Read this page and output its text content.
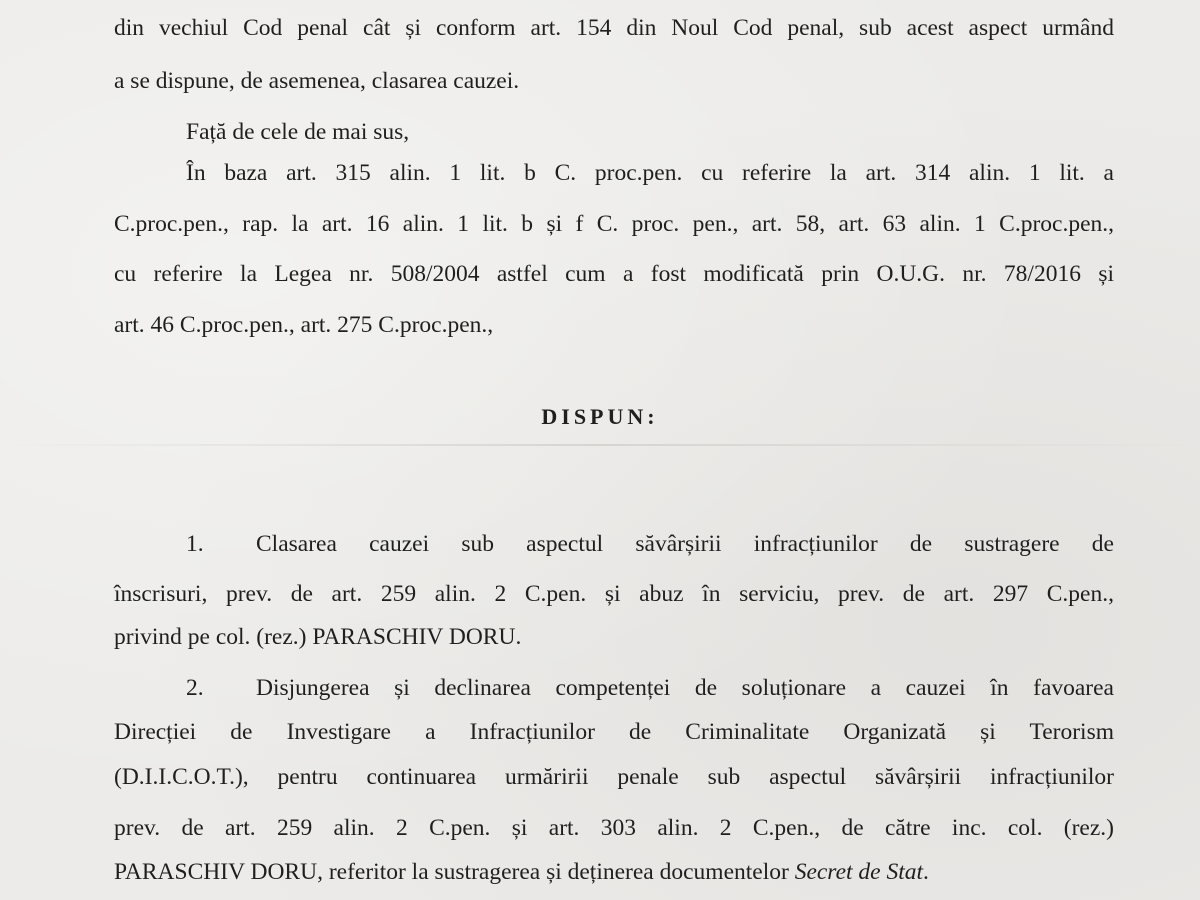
din vechiul Cod penal cât și conform art. 154 din Noul Cod penal, sub acest aspect urmând
a se dispune, de asemenea, clasarea cauzei.
Față de cele de mai sus,
În baza art. 315 alin. 1 lit. b C. proc.pen. cu referire la art. 314 alin. 1 lit. a
C.proc.pen., rap. la art. 16 alin. 1 lit. b și f C. proc. pen., art. 58, art. 63 alin. 1 C.proc.pen.,
cu referire la Legea nr. 508/2004 astfel cum a fost modificată prin O.U.G. nr. 78/2016 și
art. 46 C.proc.pen., art. 275 C.proc.pen.,
DISPUN:
1. Clasarea cauzei sub aspectul săvârșirii infracțiunilor de sustragere de
înscrisuri, prev. de art. 259 alin. 2 C.pen. și abuz în serviciu, prev. de art. 297 C.pen.,
privind pe col. (rez.) PARASCHIV DORU.
2. Disjungerea și declinarea competenței de soluționare a cauzei în favoarea
Direcției de Investigare a Infracțiunilor de Criminalitate Organizată și Terorism
(D.I.I.C.O.T.), pentru continuarea urmăririi penale sub aspectul săvârșirii infracțiunilor
prev. de art. 259 alin. 2 C.pen. și art. 303 alin. 2 C.pen., de către inc. col. (rez.)
PARASCHIV DORU, referitor la sustragerea și deținerea documentelor Secret de Stat.
